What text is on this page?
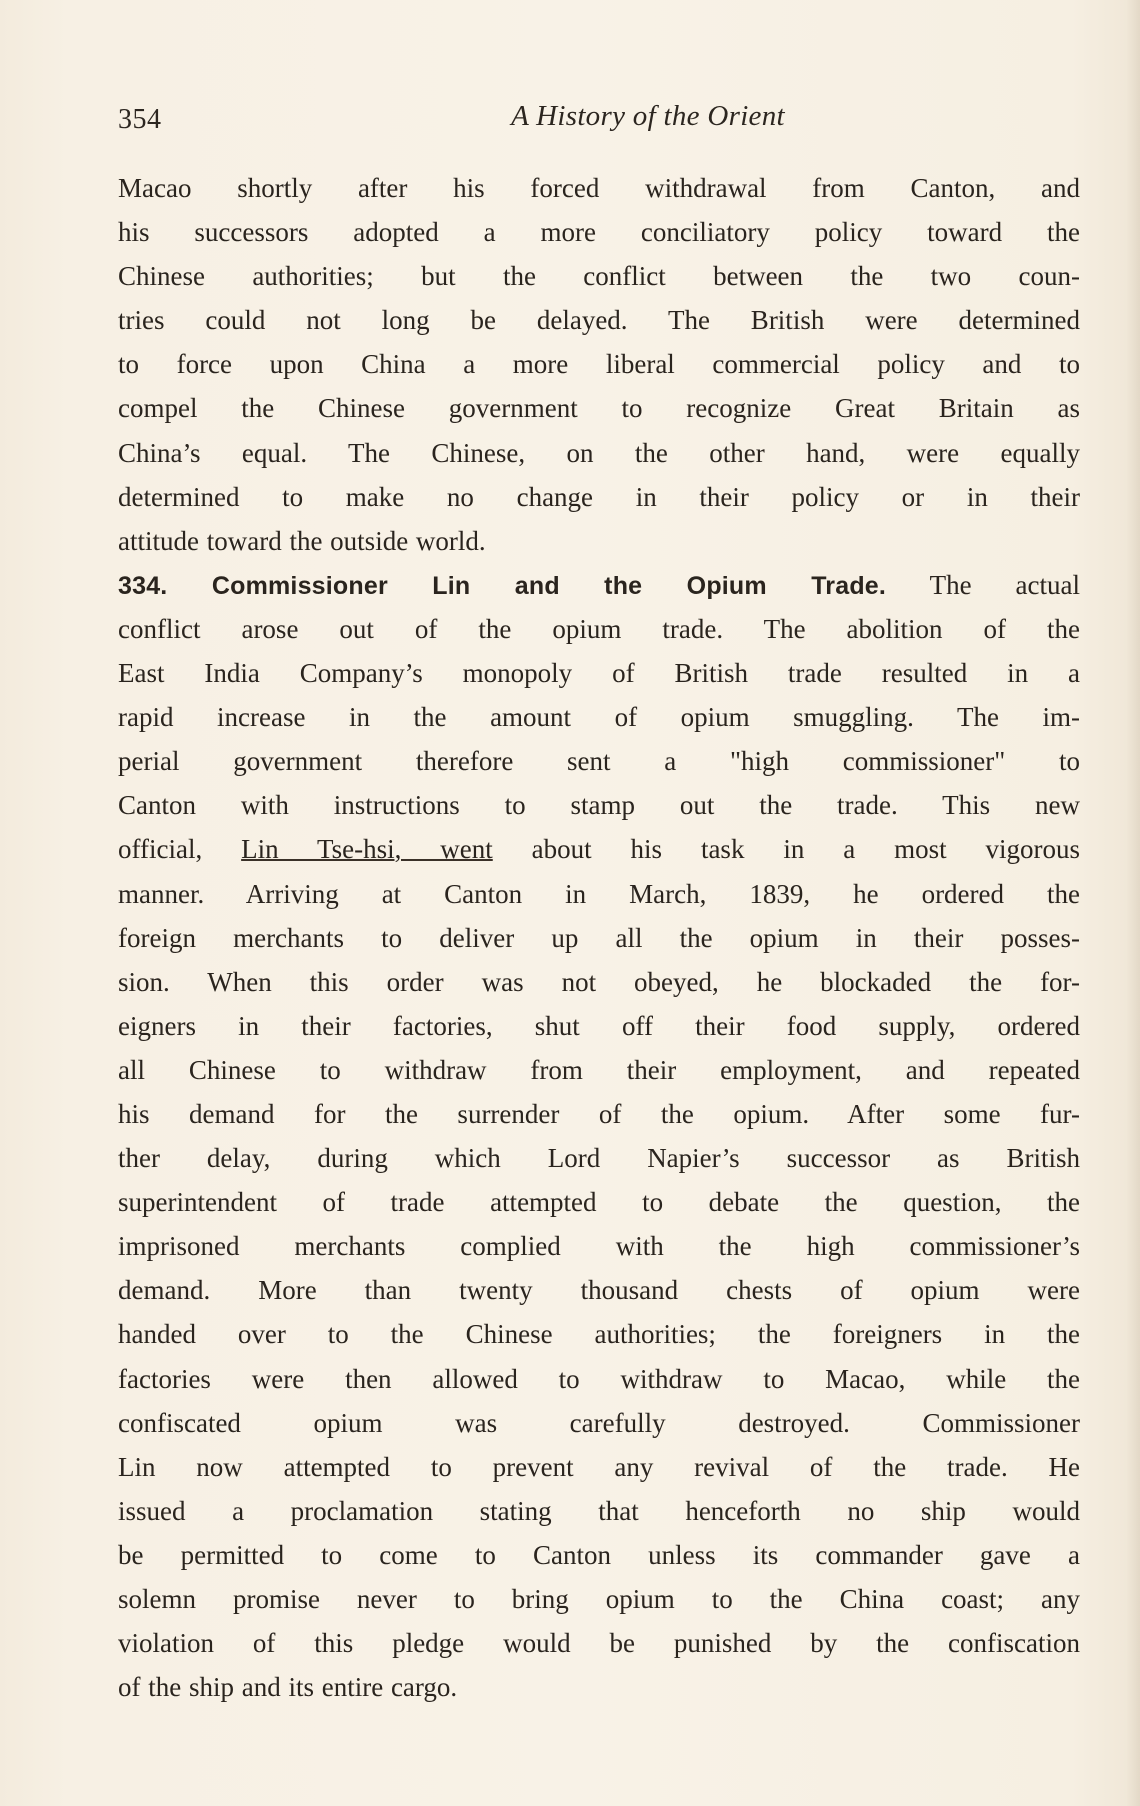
354	A History of the Orient
Macao shortly after his forced withdrawal from Canton, and
his successors adopted a more conciliatory policy toward the
Chinese authorities; but the conflict between the two coun-
tries could not long be delayed. The British were determined
to force upon China a more liberal commercial policy and to
compel the Chinese government to recognize Great Britain as
China’s equal. The Chinese, on the other hand, were equally
determined to make no change in their policy or in their
attitude toward the outside world.
334. Commissioner Lin and the Opium Trade. The actual
conflict arose out of the opium trade. The abolition of the
East India Company’s monopoly of British trade resulted in a
rapid increase in the amount of opium smuggling. The im-
perial government therefore sent a "high commissioner" to
Canton with instructions to stamp out the trade. This new
official, Lin Tse-hsi, went about his task in a most vigorous
manner. Arriving at Canton in March, 1839, he ordered the
foreign merchants to deliver up all the opium in their posses-
sion. When this order was not obeyed, he blockaded the for-
eigners in their factories, shut off their food supply, ordered
all Chinese to withdraw from their employment, and repeated
his demand for the surrender of the opium. After some fur-
ther delay, during which Lord Napier’s successor as British
superintendent of trade attempted to debate the question, the
imprisoned merchants complied with the high commissioner’s
demand. More than twenty thousand chests of opium were
handed over to the Chinese authorities; the foreigners in the
factories were then allowed to withdraw to Macao, while the
confiscated opium was carefully destroyed. Commissioner
Lin now attempted to prevent any revival of the trade. He
issued a proclamation stating that henceforth no ship would
be permitted to come to Canton unless its commander gave a
solemn promise never to bring opium to the China coast; any
violation of this pledge would be punished by the confiscation
of the ship and its entire cargo.
